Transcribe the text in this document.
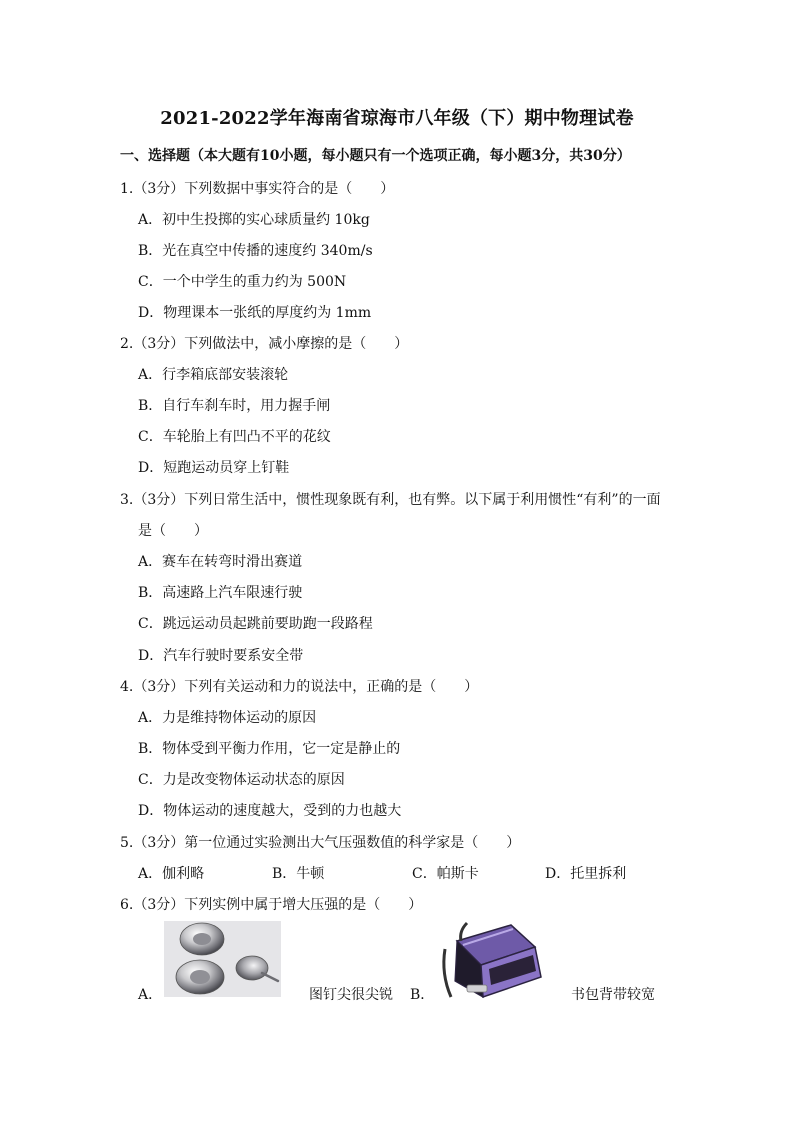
2021-2022学年海南省琼海市八年级（下）期中物理试卷
一、选择题（本大题有10小题，每小题只有一个选项正确，每小题3分，共30分）
1.（3分）下列数据中事实符合的是（　　）
A．初中生投掷的实心球质量约 10kg
B．光在真空中传播的速度约 340m/s
C．一个中学生的重力约为 500N
D．物理课本一张纸的厚度约为 1mm
2.（3分）下列做法中，减小摩擦的是（　　）
A．行李箱底部安装滚轮
B．自行车刹车时，用力握手闸
C．车轮胎上有凹凸不平的花纹
D．短跑运动员穿上钉鞋
3.（3分）下列日常生活中，惯性现象既有利，也有弊。以下属于利用惯性“有利”的一面
是（　　）
A．赛车在转弯时滑出赛道
B．高速路上汽车限速行驶
C．跳远运动员起跳前要助跑一段路程
D．汽车行驶时要系安全带
4.（3分）下列有关运动和力的说法中，正确的是（　　）
A．力是维持物体运动的原因
B．物体受到平衡力作用，它一定是静止的
C．力是改变物体运动状态的原因
D．物体运动的速度越大，受到的力也越大
5.（3分）第一位通过实验测出大气压强数值的科学家是（　　）
A．伽利略	B．牛顿	C．帕斯卡	D．托里拆利
6.（3分）下列实例中属于增大压强的是（　　）
A．	图钉尖很尖锐 B．	书包背带较宽
